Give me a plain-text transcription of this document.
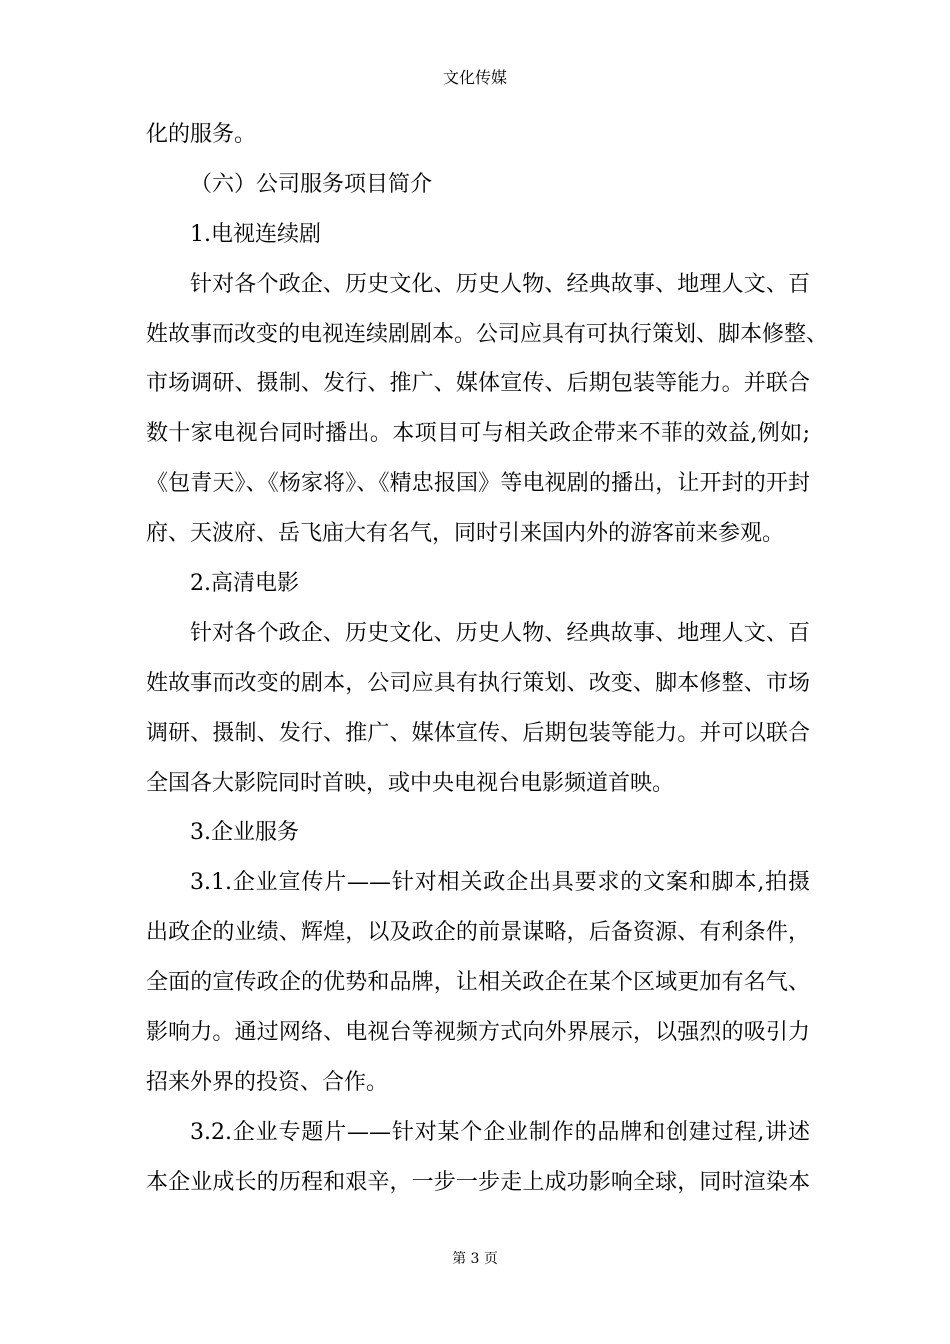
文化传媒
化的服务。
（六）公司服务项目简介
1.电视连续剧
针对各个政企、历史文化、历史人物、经典故事、地理人文、百
姓故事而改变的电视连续剧剧本。公司应具有可执行策划、脚本修整、
市场调研、摄制、发行、推广、媒体宣传、后期包装等能力。并联合
数十家电视台同时播出。本项目可与相关政企带来不菲的效益,例如;
《包青天》、《杨家将》、《精忠报国》等电视剧的播出，让开封的开封
府、天波府、岳飞庙大有名气，同时引来国内外的游客前来参观。
2.高清电影
针对各个政企、历史文化、历史人物、经典故事、地理人文、百
姓故事而改变的剧本，公司应具有执行策划、改变、脚本修整、市场
调研、摄制、发行、推广、媒体宣传、后期包装等能力。并可以联合
全国各大影院同时首映，或中央电视台电影频道首映。
3.企业服务
3.1.企业宣传片——针对相关政企出具要求的文案和脚本,拍摄
出政企的业绩、辉煌，以及政企的前景谋略，后备资源、有利条件，
全面的宣传政企的优势和品牌，让相关政企在某个区域更加有名气、
影响力。通过网络、电视台等视频方式向外界展示，以强烈的吸引力
招来外界的投资、合作。
3.2.企业专题片——针对某个企业制作的品牌和创建过程,讲述
本企业成长的历程和艰辛，一步一步走上成功影响全球，同时渲染本
第 3 页
